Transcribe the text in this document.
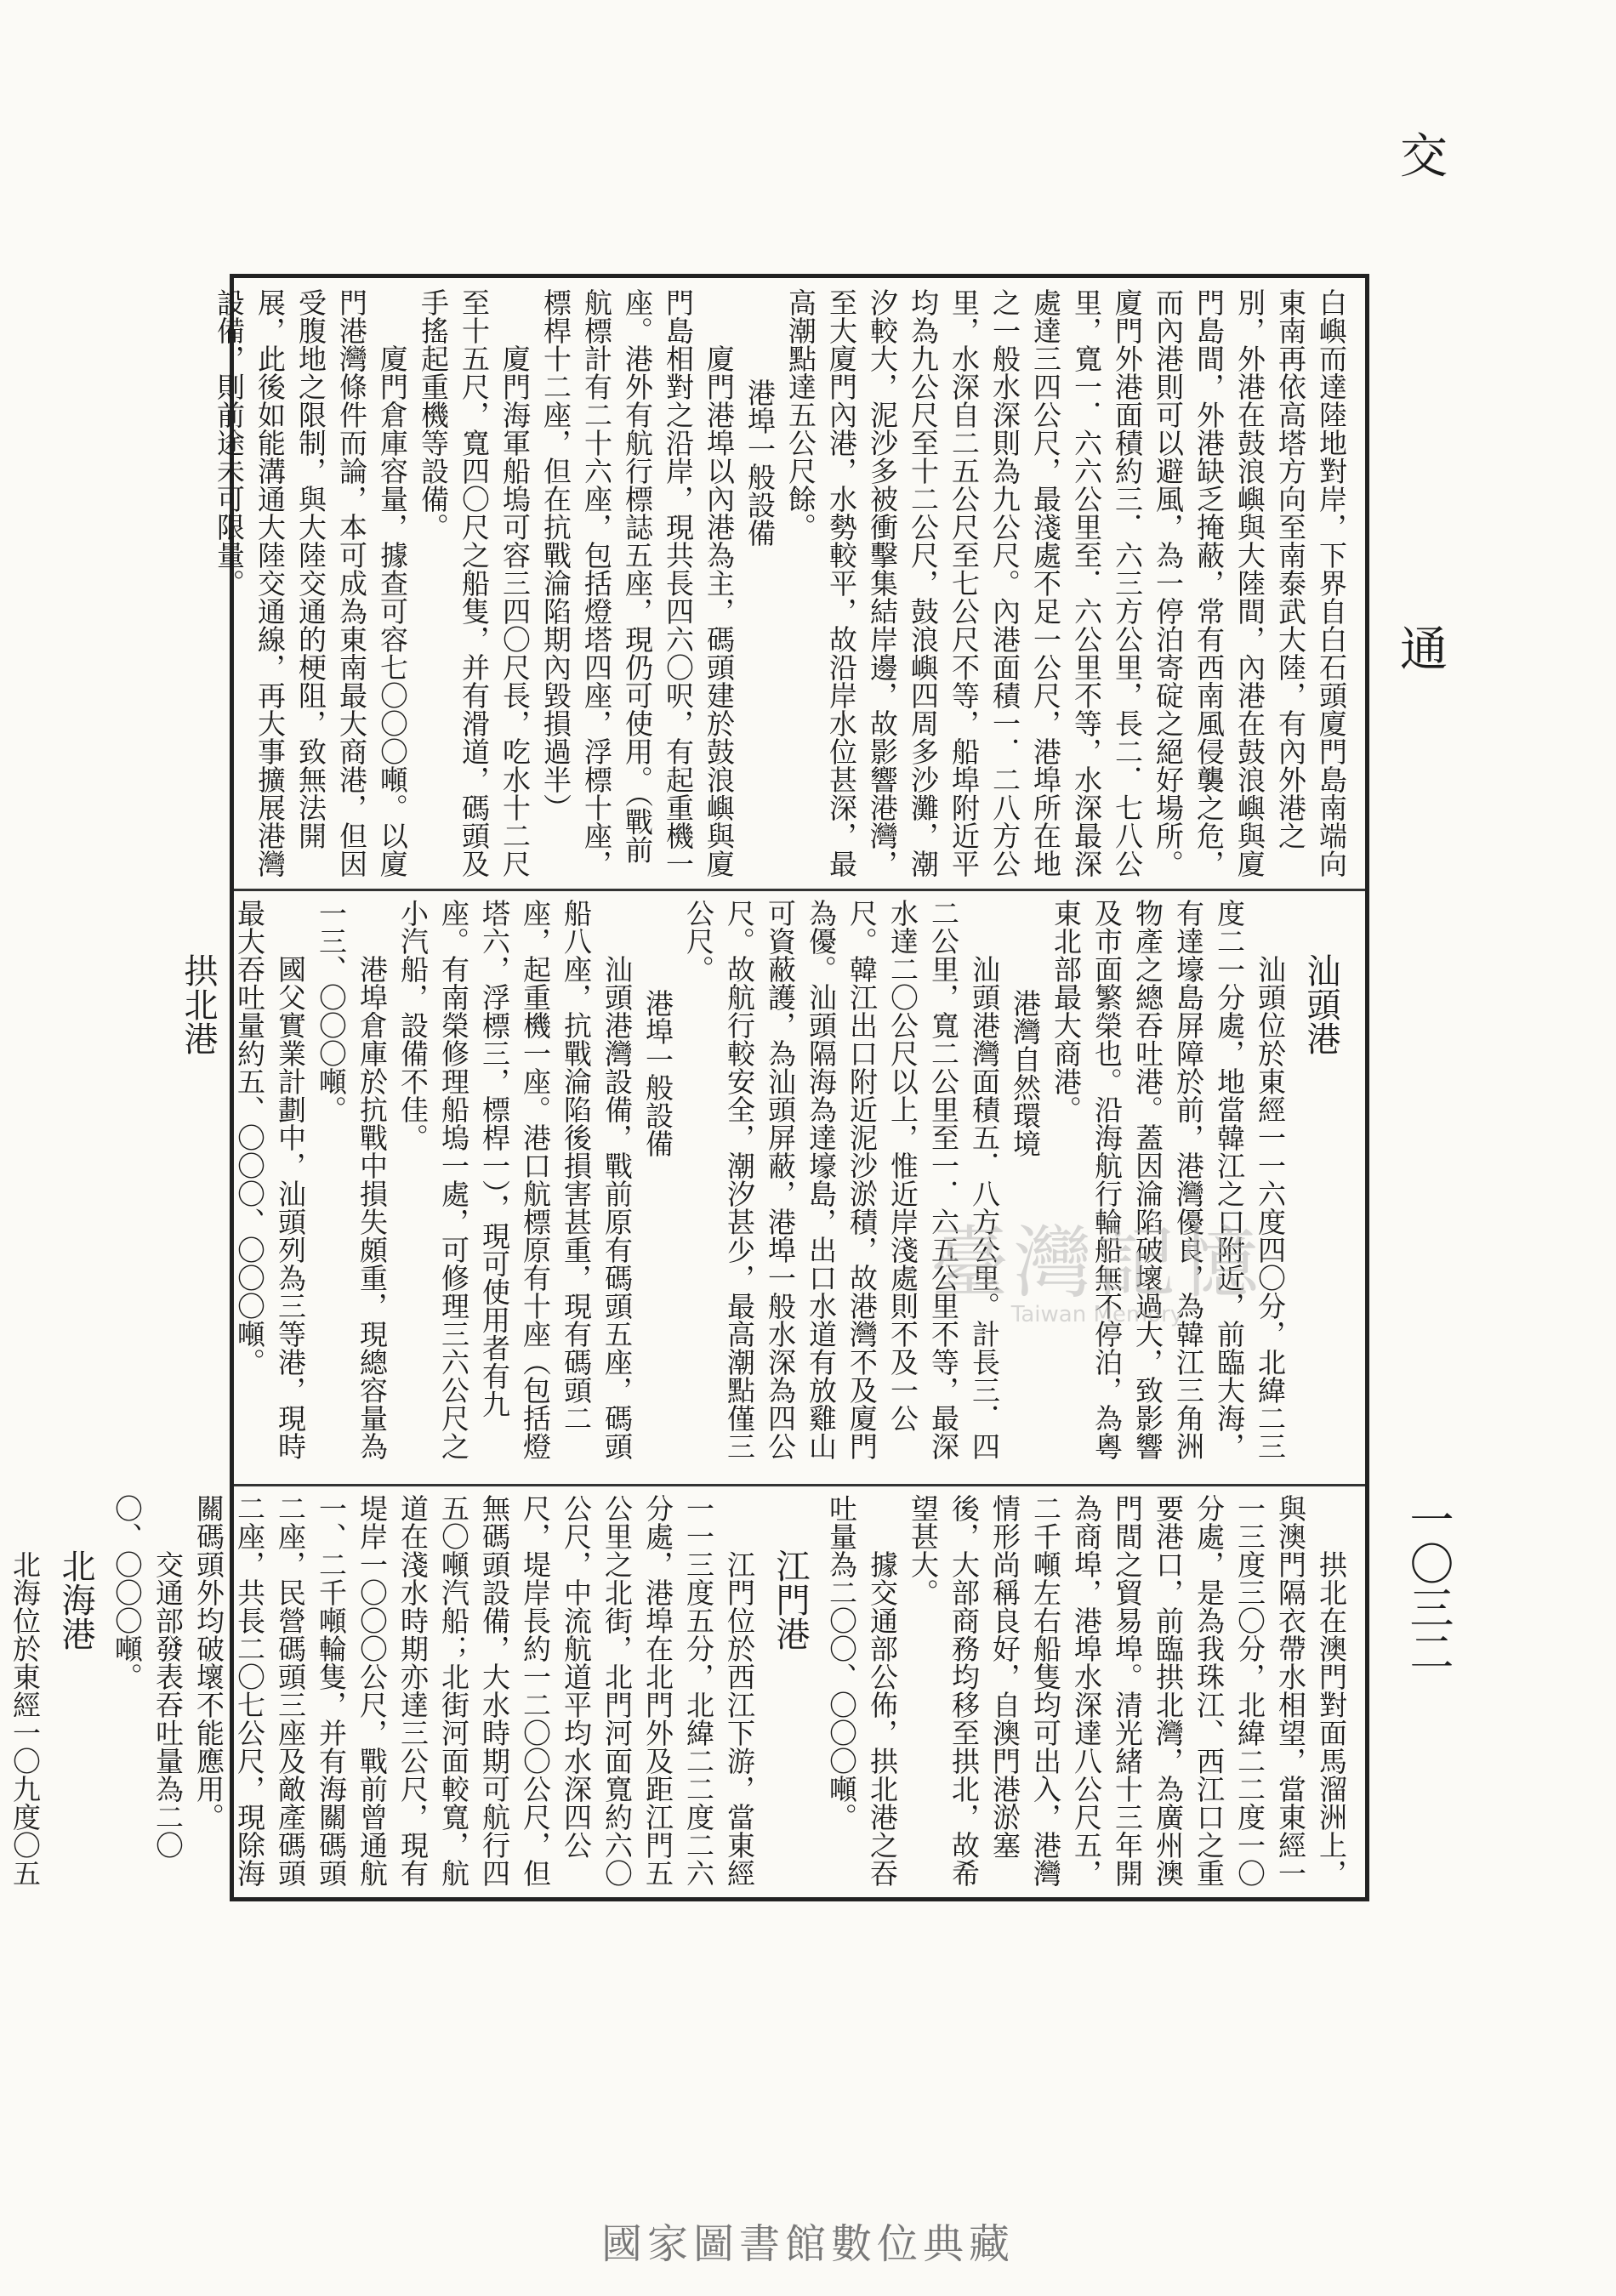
交
通
一〇三二

白嶼而達陸地對岸，下界自白石頭廈門島南端向東南再依高塔方向至南泰武大陸，有內外港之別，外港在鼓浪嶼與大陸間，內港在鼓浪嶼與廈門島間，外港缺乏掩蔽，常有西南風侵襲之危，而內港則可以避風，為一停泊寄碇之絕好場所。廈門外港面積約三．六三方公里，長二．七八公里，寬一．六六公里至．六公里不等，水深最深處達三四公尺，最淺處不足一公尺，港埠所在地之一般水深則為九公尺。內港面積一．二八方公里，水深自二五公尺至七公尺不等，船埠附近平均為九公尺至十二公尺，鼓浪嶼四周多沙灘，潮汐較大，泥沙多被衝擊集結岸邊，故影響港灣，至大廈門內港，水勢較平，故沿岸水位甚深，最高潮點達五公尺餘。

港埠一般設備

廈門港埠以內港為主，碼頭建於鼓浪嶼與廈門島相對之沿岸，現共長四六〇呎，有起重機一座。港外有航行標誌五座，現仍可使用。（戰前航標計有二十六座，包括燈塔四座，浮標十座，標桿十二座，但在抗戰淪陷期內毀損過半）

廈門海軍船塢可容三四〇尺長，吃水十二尺至十五尺，寬四〇尺之船隻，并有滑道，碼頭及手搖起重機等設備。

廈門倉庫容量，據查可容七〇〇〇噸。以廈門港灣條件而論，本可成為東南最大商港，但因受腹地之限制，與大陸交通的梗阻，致無法開展，此後如能溝通大陸交通線，再大事擴展港灣設備，則前途未可限量。

汕頭港

汕頭位於東經一一六度四〇分，北緯二三度二一分處，地當韓江之口附近，前臨大海，有達壕島屏障於前，港灣優良，為韓江三角洲物產之總吞吐港。蓋因淪陷破壞過大，致影響及市面繁榮也。沿海航行輪船無不停泊，為粵東北部最大商港。

港灣自然環境

汕頭港灣面積五．八方公里。計長三．四二公里，寬二公里至一．六五公里不等，最深水達二〇公尺以上，惟近岸淺處則不及一公尺。韓江出口附近泥沙淤積，故港灣不及廈門為優。汕頭隔海為達壕島，出口水道有放雞山可資蔽護，為汕頭屏蔽，港埠一般水深為四公尺。故航行較安全，潮汐甚少，最高潮點僅三公尺。

港埠一般設備

汕頭港灣設備，戰前原有碼頭五座，碼頭船八座，抗戰淪陷後損害甚重，現有碼頭二座，起重機一座。港口航標原有十座（包括燈塔六，浮標三，標桿一），現可使用者有九座。有南榮修理船塢一處，可修理三六公尺之小汽船，設備不佳。

港埠倉庫於抗戰中損失頗重，現總容量為一三、〇〇〇噸。

國父實業計劃中，汕頭列為三等港，現時最大吞吐量約五、〇〇〇、〇〇〇噸。

拱北港

拱北在澳門對面馬溜洲上，與澳門隔衣帶水相望，當東經一一三度三〇分，北緯二二度一〇分處，是為我珠江、西江口之重要港口，前臨拱北灣，為廣州澳門間之貿易埠。清光緒十三年開為商埠，港埠水深達八公尺五，二千噸左右船隻均可出入，港灣情形尚稱良好，自澳門港淤塞後，大部商務均移至拱北，故希望甚大。

據交通部公佈，拱北港之吞吐量為二〇〇、〇〇〇噸。

江門港

江門位於西江下游，當東經一一三度五分，北緯二二度二六分處，港埠在北門外及距江門五公里之北街，北門河面寬約六〇公尺，中流航道平均水深四公尺，堤岸長約一二〇〇公尺，但無碼頭設備，大水時期可航行四五〇噸汽船；北街河面較寬，航道在淺水時期亦達三公尺，現有堤岸一〇〇〇公尺，戰前曾通航一、二千噸輪隻，并有海關碼頭二座，民營碼頭三座及敵產碼頭二座，共長二〇七公尺，現除海關碼頭外均破壞不能應用。

交通部發表吞吐量為二〇〇、〇〇〇噸。

北海港

北海位於東經一〇九度〇五

臺灣記憶
Taiwan Memory
國家圖書館數位典藏
